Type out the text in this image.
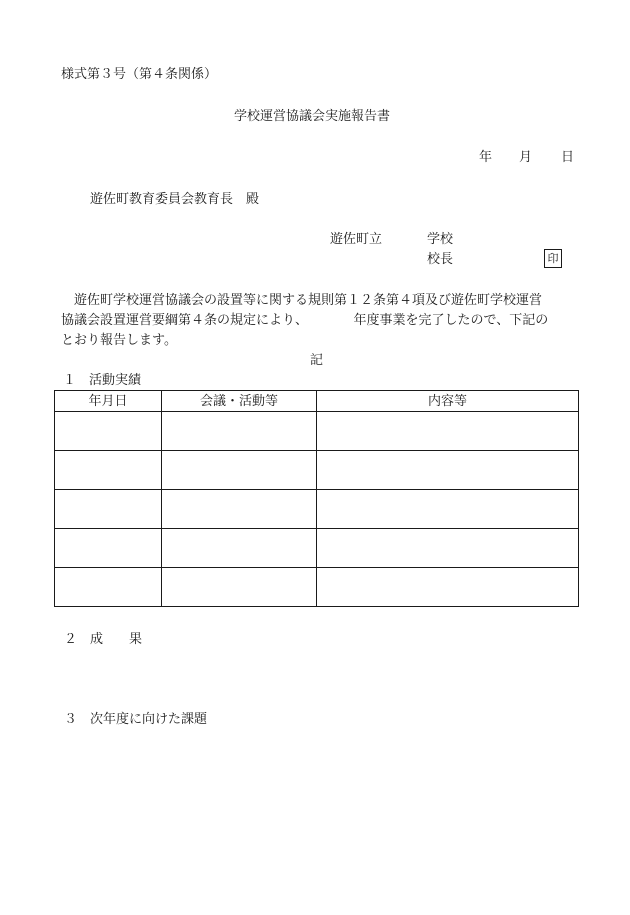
様式第３号（第４条関係）
学校運営協議会実施報告書
年 月 日
遊佐町教育委員会教育長　殿
遊佐町立	学校
校長	印
遊佐町学校運営協議会の設置等に関する規則第１２条第４項及び遊佐町学校運営
協議会設置運営要綱第４条の規定により、　　　　年度事業を完了したので、下記の
とおり報告します。
記
１　活動実績
年月日	会議・活動等	内容等

２　成　　果
３　次年度に向けた課題
